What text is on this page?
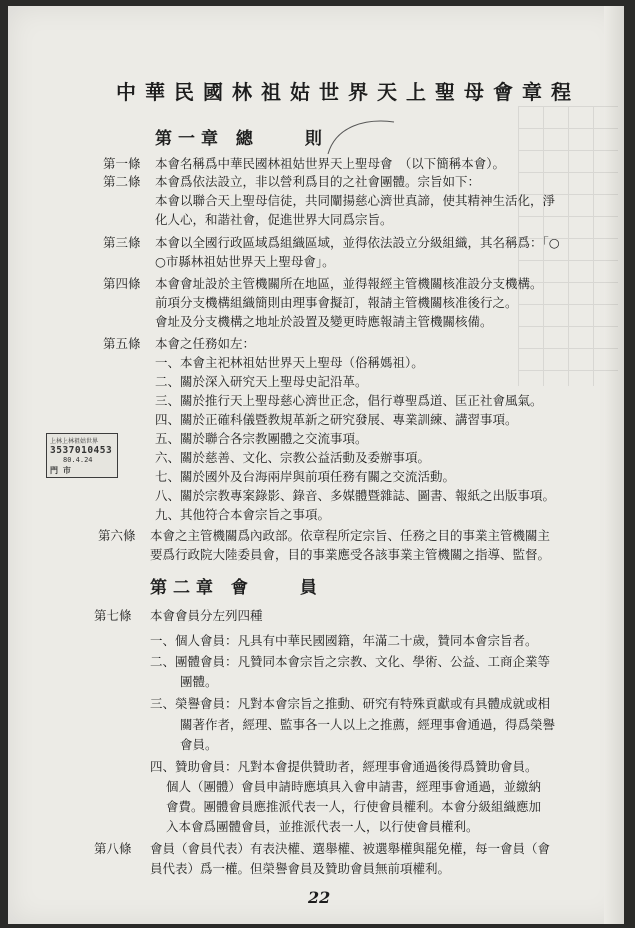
中華民國林祖姑世界天上聖母會章程
第一章 總　　則
第一條 本會名稱爲中華民國林祖姑世界天上聖母會　（以下簡稱本會）。
第二條 本會爲依法設立，非以營利爲目的之社會團體。宗旨如下：
本會以聯合天上聖母信徒，共同闡揚慈心濟世真諦，使其精神生活化，淨
化人心，和諧社會，促進世界大同爲宗旨。
第三條 本會以全國行政區域爲組織區域，並得依法設立分級組織，其名稱爲：「○
○市縣林祖姑世界天上聖母會」。
第四條 本會會址設於主管機關所在地區，並得報經主管機關核准設分支機構。
前項分支機構組織簡則由理事會擬訂，報請主管機關核准後行之。
會址及分支機構之地址於設置及變更時應報請主管機關核備。
第五條 本會之任務如左：
一、本會主祀林祖姑世界天上聖母（俗稱媽祖）。
二、關於深入研究天上聖母史記沿革。
三、關於推行天上聖母慈心濟世正念，倡行尊聖爲道、匡正社會風氣。
四、關於正確科儀暨教規革新之研究發展、專業訓練、講習事項。
五、關於聯合各宗教團體之交流事項。
六、關於慈善、文化、宗教公益活動及委辦事項。
七、關於國外及台海兩岸與前項任務有關之交流活動。
八、關於宗教專案錄影、錄音、多媒體暨雜誌、圖書、報紙之出版事項。
九、其他符合本會宗旨之事項。
第六條 本會之主管機關爲內政部。依章程所定宗旨、任務之目的事業主管機關主
要爲行政院大陸委員會，目的事業應受各該事業主管機關之指導、監督。
第二章 會　　員
第七條 本會會員分左列四種
一、個人會員：凡具有中華民國國籍，年滿二十歲，贊同本會宗旨者。
二、團體會員：凡贊同本會宗旨之宗教、文化、學術、公益、工商企業等
團體。
三、榮譽會員：凡對本會宗旨之推動、研究有特殊貢獻或有具體成就或相
關著作者，經理、監事各一人以上之推薦，經理事會通過，得爲榮譽
會員。
四、贊助會員：凡對本會提供贊助者，經理事會通過後得爲贊助會員。
個人（團體）會員申請時應填具入會申請書，經理事會通過，並繳納
會費。團體會員應推派代表一人，行使會員權利。本會分級組織應加
入本會爲團體會員，並推派代表一人，以行使會員權利。
第八條 會員（會員代表）有表決權、選舉權、被選舉權與罷免權，每一會員（會
員代表）爲一權。但榮譽會員及贊助會員無前項權利。
上林上林祖姑世界
3537010453
80.4.24
門 市
22
